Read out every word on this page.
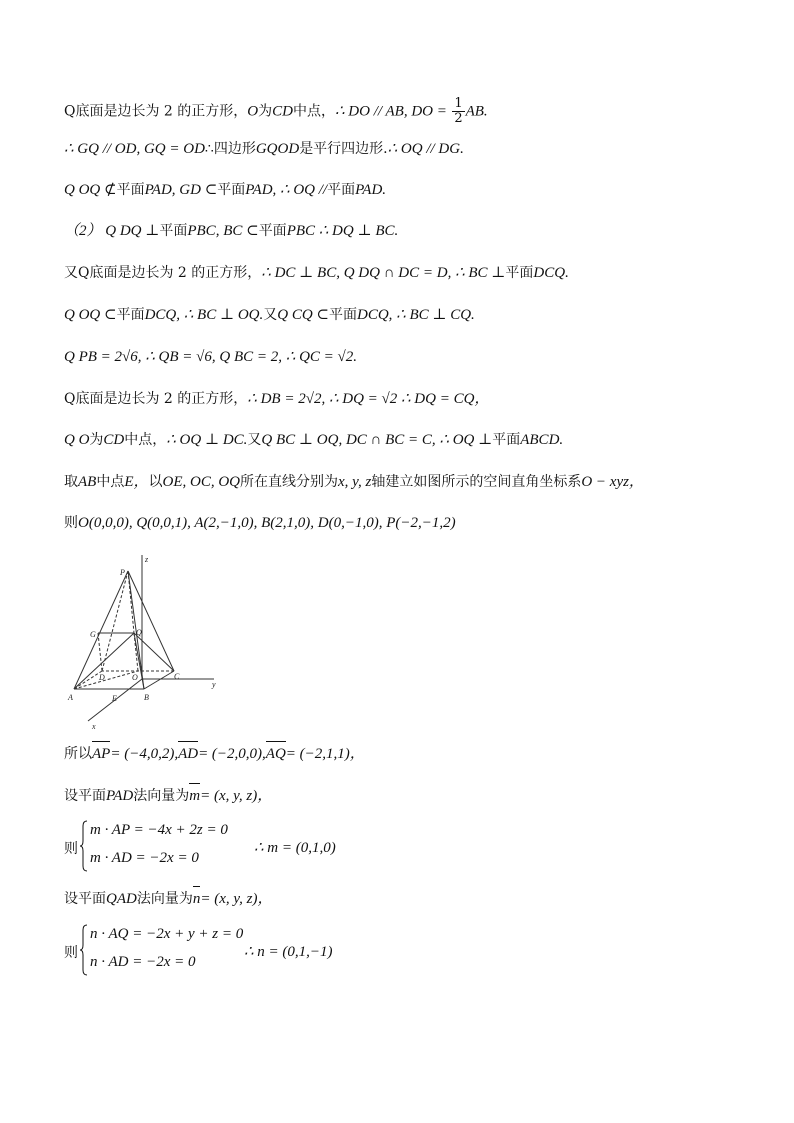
Q底面是边长为 2 的正方形，O为CD中点，∴ DO // AB, DO = $\frac{1}{2}$ AB.
∴ GQ // OD, GQ = OD∴四边形GQOD是平行四边形.∴ OQ // DG.
Q OQ ⊄平面PAD, GD ⊂平面PAD, ∴ OQ //平面PAD.
（2） Q DQ ⊥平面PBC, BC ⊂平面PBC ∴ DQ ⊥ BC.
又Q底面是边长为 2 的正方形，∴ DC ⊥ BC, Q DQ ∩ DC = D, ∴ BC ⊥平面DCQ.
Q OQ ⊂平面DCQ, ∴ BC ⊥ OQ.又Q CQ ⊂平面DCQ, ∴ BC ⊥ CQ.
Q PB = 2√6, ∴ QB = √6, Q BC = 2, ∴ QC = √2.
Q底面是边长为 2 的正方形，∴ DB = 2√2, ∴ DQ = √2 ∴ DQ = CQ，
Q O为CD中点，∴ OQ ⊥ DC.又Q BC ⊥ OQ, DC ∩ BC = C, ∴ OQ ⊥平面ABCD.
取AB中点E，以OE, OC, OQ所在直线分别为x, y, z轴建立如图所示的空间直角坐标系O − xyz，
则O(0,0,0), Q(0,0,1), A(2,−1,0), B(2,1,0), D(0,−1,0), P(−2,−1,2)
P
z
G	Q
D	O	C
y
A	E	B
x
所以AP= (−4,0,2),AD= (−2,0,0),AQ= (−2,1,1)，
设平面PAD法向量为m= (x, y, z)，
则
m · AP = −4x + 2z = 0
m · AD = −2x = 0
∴ m = (0,1,0)
设平面QAD法向量为n= (x, y, z)，
则
n · AQ = −2x + y + z = 0
n · AD = −2x = 0
∴ n = (0,1,−1)
